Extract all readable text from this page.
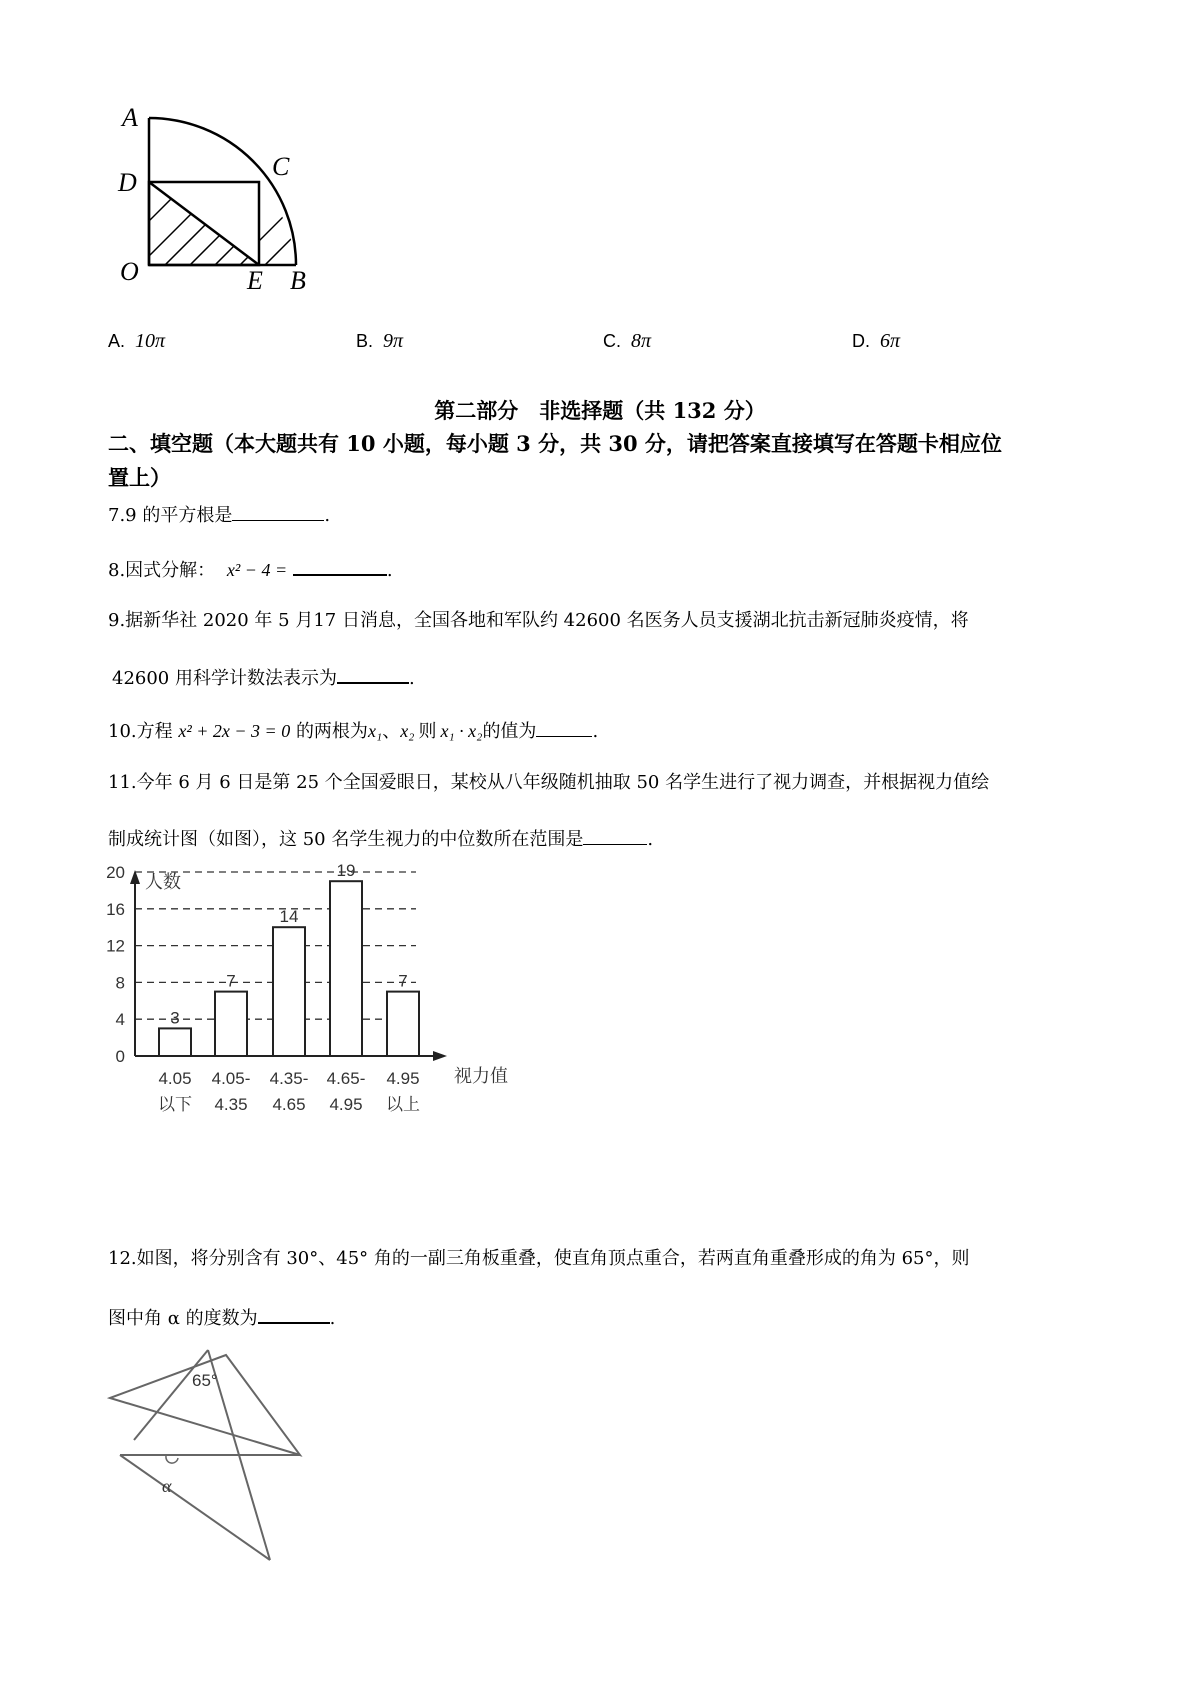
A
C
D
O	E B
A. 10π	B. 9π	C. 8π	D. 6π
第二部分　非选择题（共 132 分）
二、填空题（本大题共有 10 小题，每小题 3 分，共 30 分，请把答案直接填写在答题卡相应位
置上）
7.9 的平方根是	.
8.因式分解： x² − 4 =	.
9.据新华社 2020 年 5 月17 日消息，全国各地和军队约 42600 名医务人员支援湖北抗击新冠肺炎疫情，将
42600 用科学计数法表示为	.
10.方程 x² + 2x − 3 = 0 的两根为x₁、x₂ 则 x₁ · x₂的值为	.
11.今年 6 月 6 日是第 25 个全国爱眼日，某校从八年级随机抽取 50 名学生进行了视力调查，并根据视力值绘
制成统计图（如图），这 50 名学生视力的中位数所在范围是	.
0
4
8
12
16
20 人数
视力值
3
4.05
以下
7
4.05-
4.35
14
4.35-
4.65
19
4.65-
4.95
7
4.95
以上
12.如图，将分别含有 30°、45° 角的一副三角板重叠，使直角顶点重合，若两直角重叠形成的角为 65°，则
图中角 α 的度数为	.
65°
α
